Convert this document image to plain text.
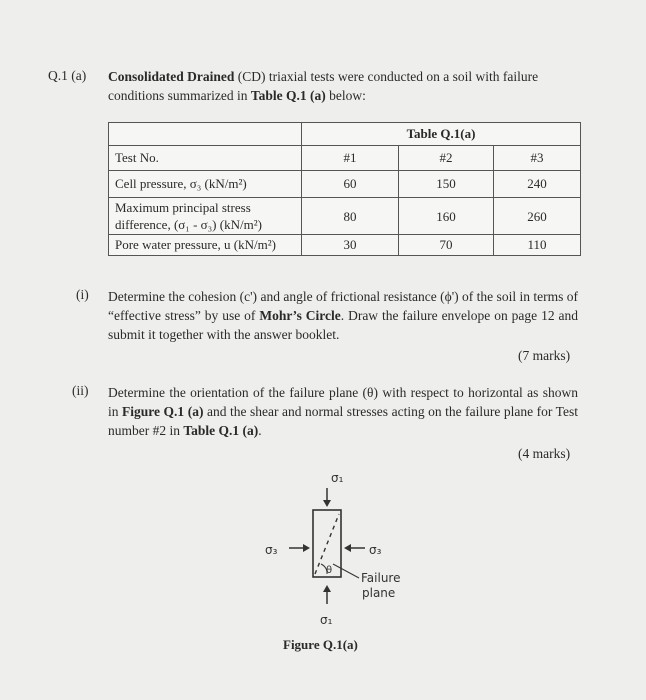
Q.1 (a) Consolidated Drained (CD) triaxial tests were conducted on a soil with failure conditions summarized in Table Q.1 (a) below:
	Table Q.1(a)		
Test No.	#1	#2	#3
Cell pressure, σ₃ (kN/m²)	60	150	240

Maximum principal stress
difference, (σ₁ - σ₃) (kN/m²)	80	160	260
Pore water pressure, u (kN/m²)	30	70	110
(i) Determine the cohesion (c') and angle of frictional resistance (ϕ') of the soil in terms of “effective stress” by use of Mohr’s Circle. Draw the failure envelope on page 12 and submit it together with the answer booklet.
(7 marks)
(ii) Determine the orientation of the failure plane (θ) with respect to horizontal as shown in Figure Q.1 (a) and the shear and normal stresses acting on the failure plane for Test number #2 in Table Q.1 (a).
(4 marks)
σ₁
θ
σ₃	σ₃
Failure
plane
σ₁
Figure Q.1(a)
